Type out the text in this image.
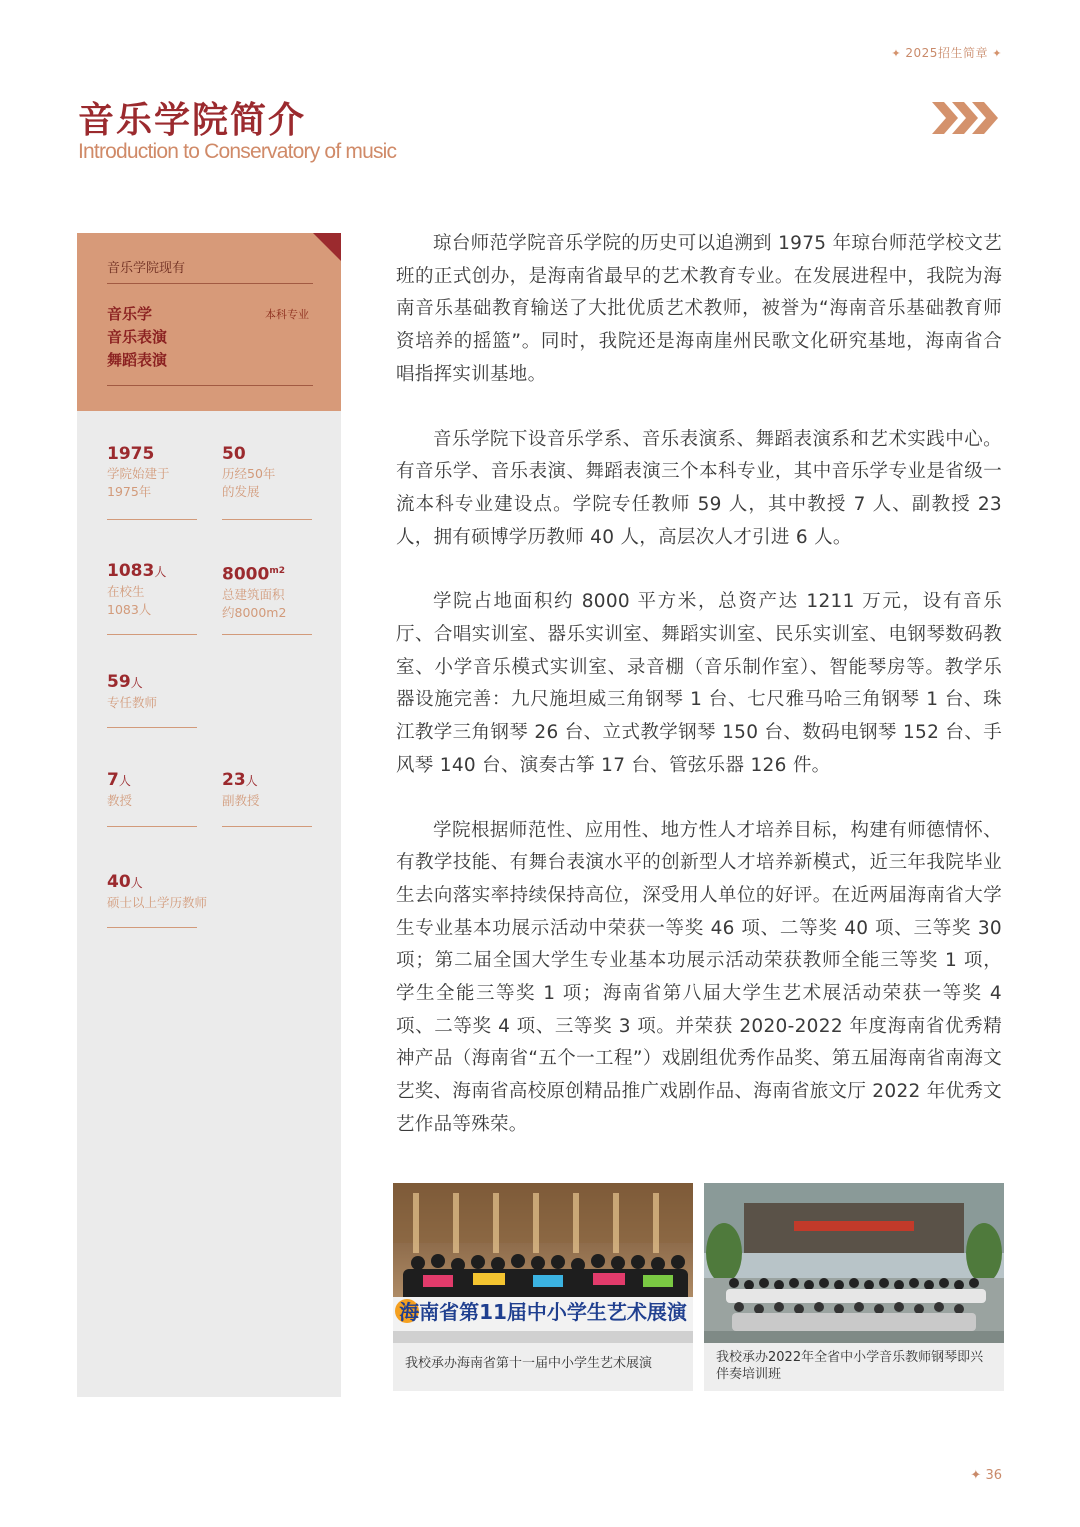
✦ 2025招生简章 ✦
音乐学院简介
Introduction to Conservatory of music
音乐学院现有
音乐学
音乐表演
舞蹈表演
本科专业
1975
学院始建于
1975年
50
历经50年
的发展
1083人
在校生
1083人
$8000^{m2}$
总建筑面积
约8000m2
59人
专任教师
7人
教授
23人
副教授
40人
硕士以上学历教师

琼台师范学院音乐学院的历史可以追溯到 1975 年琼台师范学校文艺班的正式创办，是海南省最早的艺术教育专业。在发展进程中，我院为海南音乐基础教育输送了大批优质艺术教师，被誉为“海南音乐基础教育师资培养的摇篮”。同时，我院还是海南崖州民歌文化研究基地，海南省合唱指挥实训基地。

音乐学院下设音乐学系、音乐表演系、舞蹈表演系和艺术实践中心。有音乐学、音乐表演、舞蹈表演三个本科专业，其中音乐学专业是省级一流本科专业建设点。学院专任教师 59 人，其中教授 7 人、副教授 23 人，拥有硕博学历教师 40 人，高层次人才引进 6 人。

学院占地面积约 8000 平方米，总资产达 1211 万元，设有音乐厅、合唱实训室、器乐实训室、舞蹈实训室、民乐实训室、电钢琴数码教室、小学音乐模式实训室、录音棚（音乐制作室）、智能琴房等。教学乐器设施完善：九尺施坦威三角钢琴 1 台、七尺雅马哈三角钢琴 1 台、珠江教学三角钢琴 26 台、立式教学钢琴 150 台、数码电钢琴 152 台、手风琴 140 台、演奏古筝 17 台、管弦乐器 126 件。

学院根据师范性、应用性、地方性人才培养目标，构建有师德情怀、有教学技能、有舞台表演水平的创新型人才培养新模式，近三年我院毕业生去向落实率持续保持高位，深受用人单位的好评。在近两届海南省大学生专业基本功展示活动中荣获一等奖 46 项、二等奖 40 项、三等奖 30 项；第二届全国大学生专业基本功展示活动荣获教师全能三等奖 1 项，学生全能三等奖 1 项；海南省第八届大学生艺术展活动荣获一等奖 4 项、二等奖 4 项、三等奖 3 项。并荣获 2020-2022 年度海南省优秀精神产品（海南省“五个一工程”）戏剧组优秀作品奖、第五届海南省南海文艺奖、海南省高校原创精品推广戏剧作品、海南省旅文厅 2022 年优秀文艺作品等殊荣。

海南省第11届中小学生艺术展演
我校承办海南省第十一届中小学生艺术展演	我校承办2022年全省中小学音乐教师钢琴即兴伴奏培训班
✦ 36
